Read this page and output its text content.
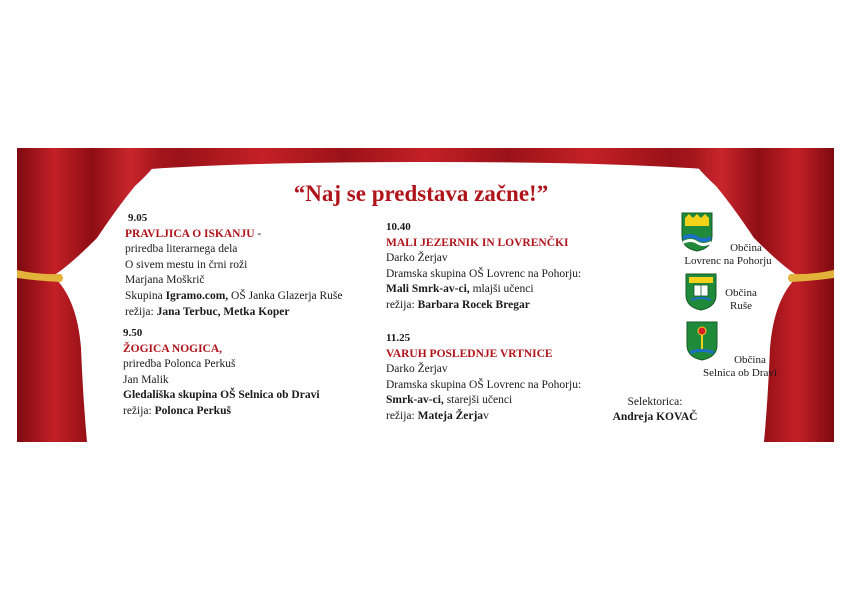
“Naj se predstava začne!”
9.05
PRAVLJICA O ISKANJU -
priredba literarnega dela
O sivem mestu in črni roži
Marjana Moškrič
Skupina Igramo.com, OŠ Janka Glazerja Ruše
režija: Jana Terbuc, Metka Koper
9.50
ŽOGICA NOGICA,
priredba Polonca Perkuš
Jan Malik
Gledališka skupina OŠ Selnica ob Dravi
režija: Polonca Perkuš
10.40
MALI JEZERNIK IN LOVRENČKI
Darko Žerjav
Dramska skupina OŠ Lovrenc na Pohorju:
Mali Smrk-av-ci, mlajši učenci
režija: Barbara Rocek Bregar
11.25
VARUH POSLEDNJE VRTNICE
Darko Žerjav
Dramska skupina OŠ Lovrenc na Pohorju:
Smrk-av-ci, starejši učenci
režija: Mateja Žerjav
Občina
Lovrenc na Pohorju
Občina
Ruše
Občina
Selnica ob Dravi
Selektorica:
Andreja KOVAČ
